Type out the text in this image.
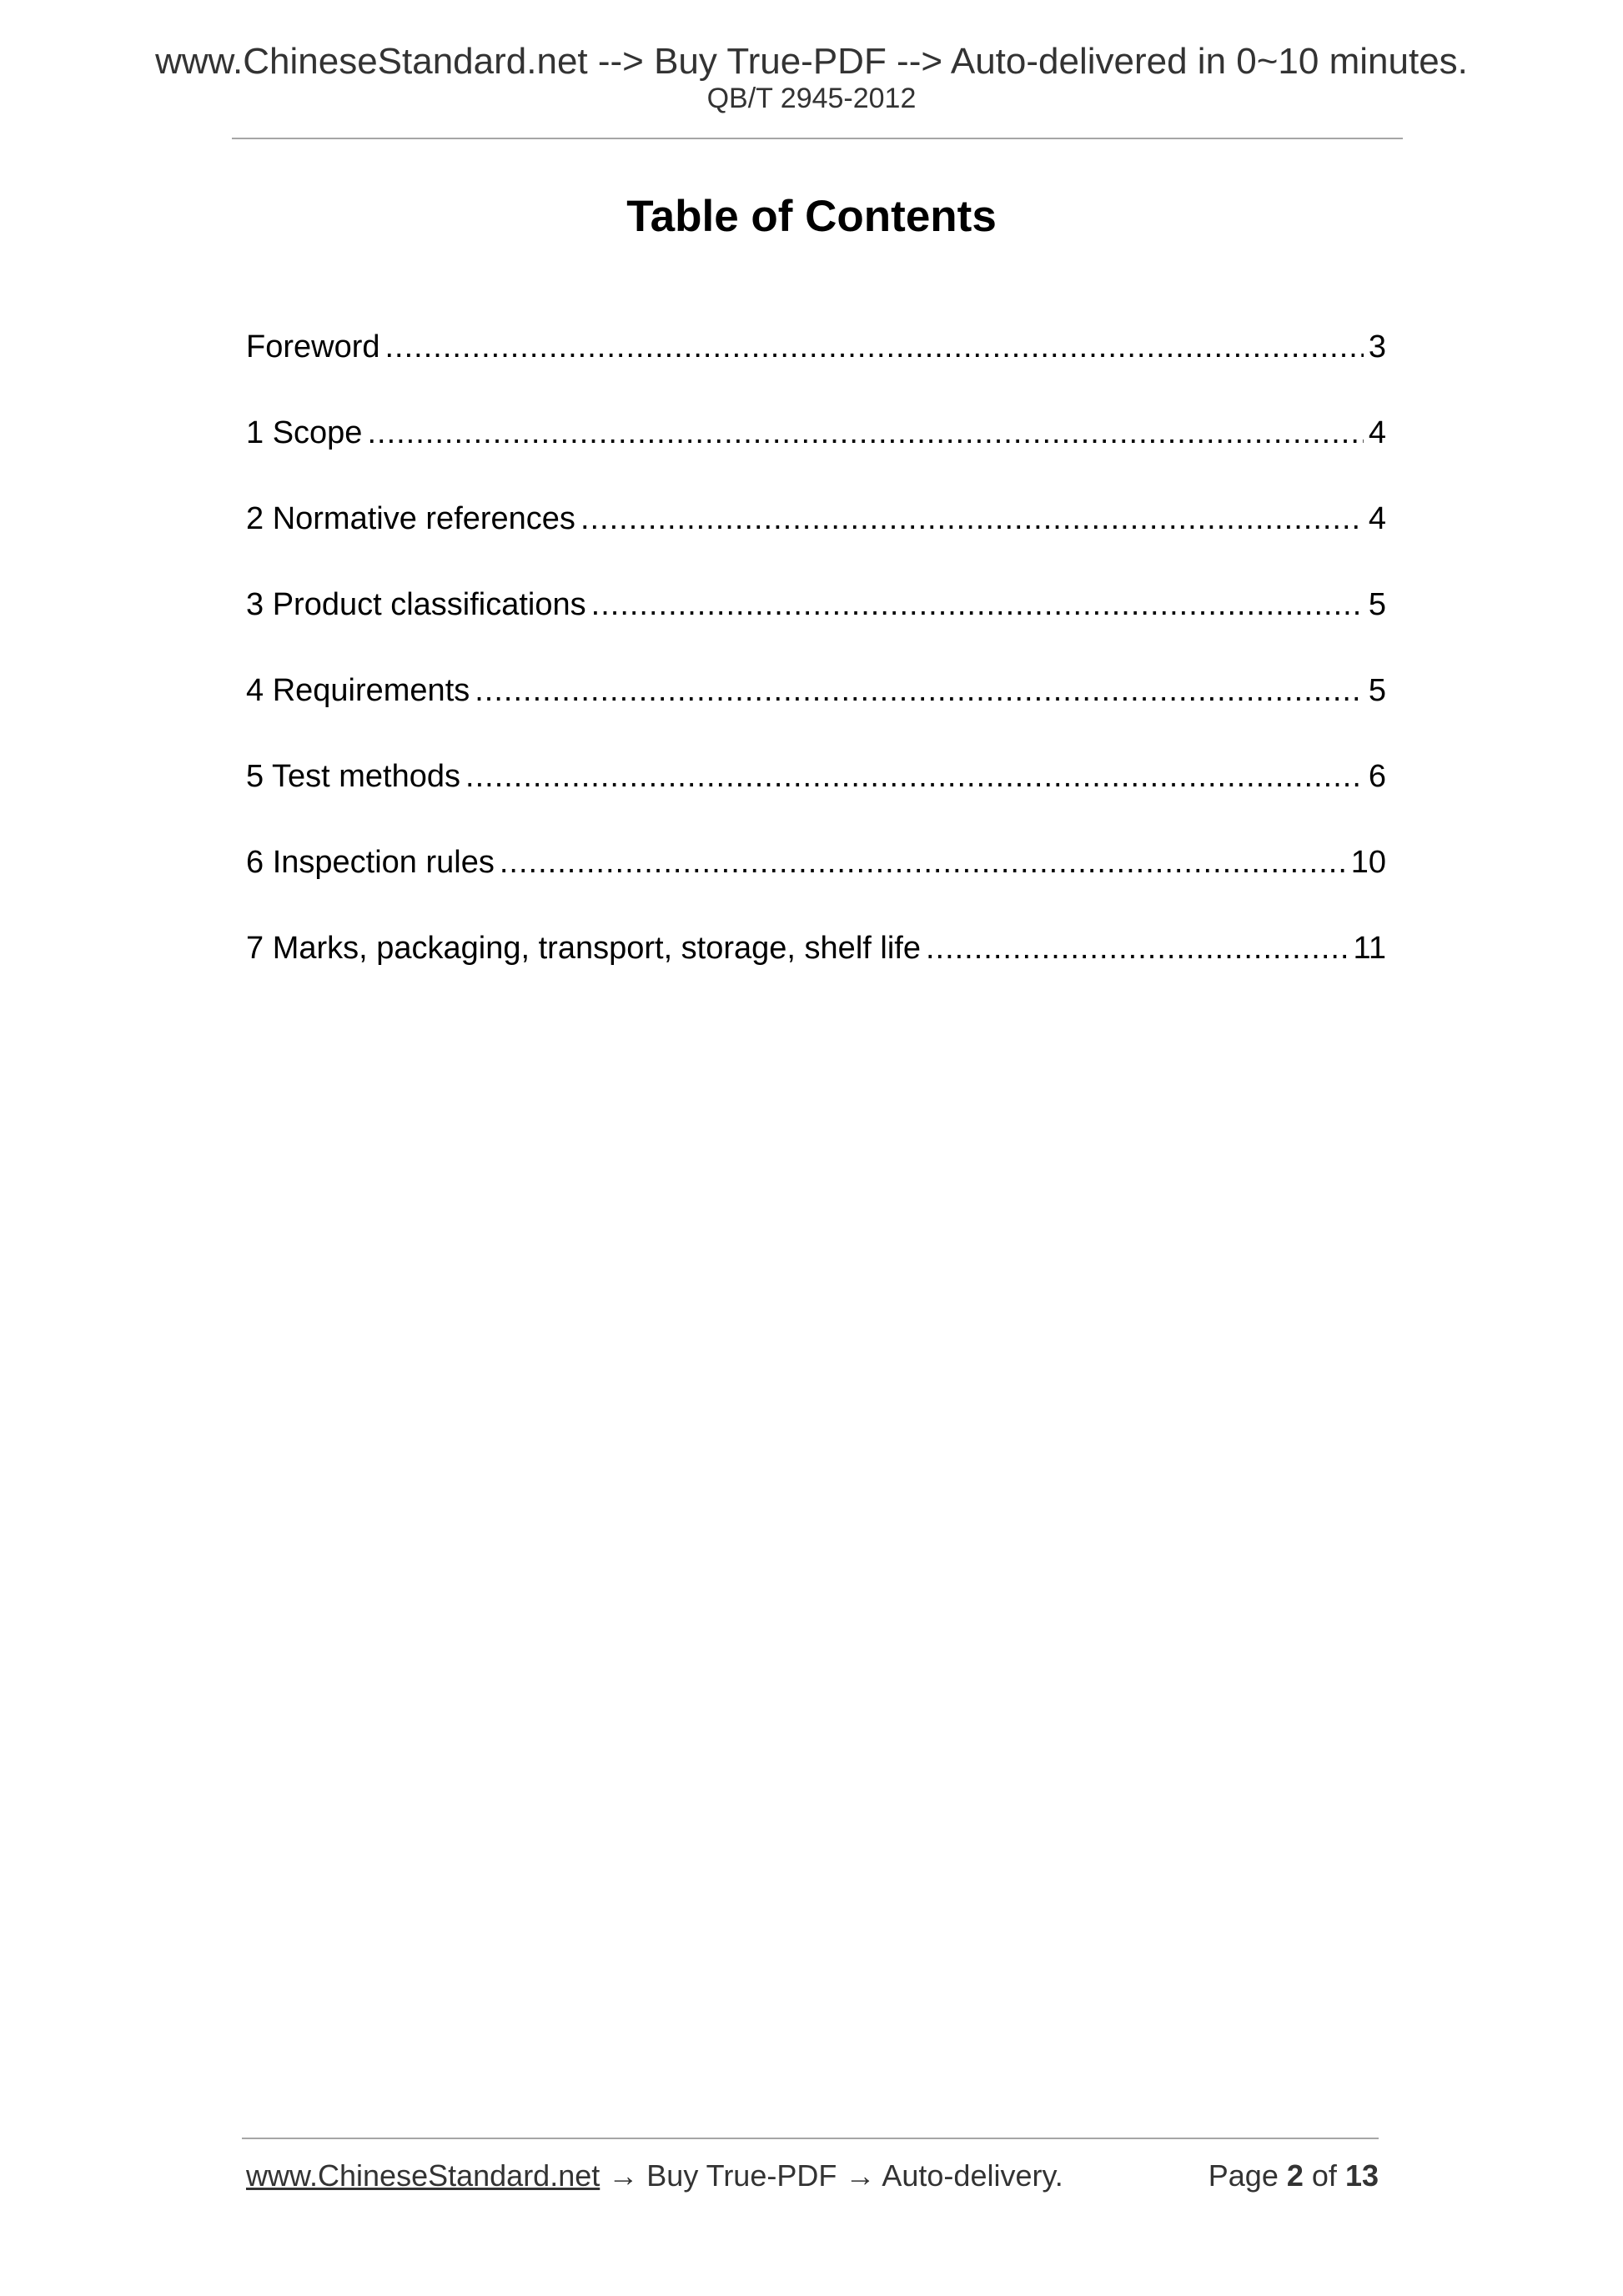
www.ChineseStandard.net --> Buy True-PDF --> Auto-delivered in 0~10 minutes.
QB/T 2945-2012
Table of Contents
Foreword .....	3
1 Scope .....	4
2 Normative references .....	4
3 Product classifications .....	5
4 Requirements .....	5
5 Test methods .....	6
6 Inspection rules .....	10
7 Marks, packaging, transport, storage, shelf life .....	11
www.ChineseStandard.net → Buy True-PDF → Auto-delivery.	Page 2 of 13
